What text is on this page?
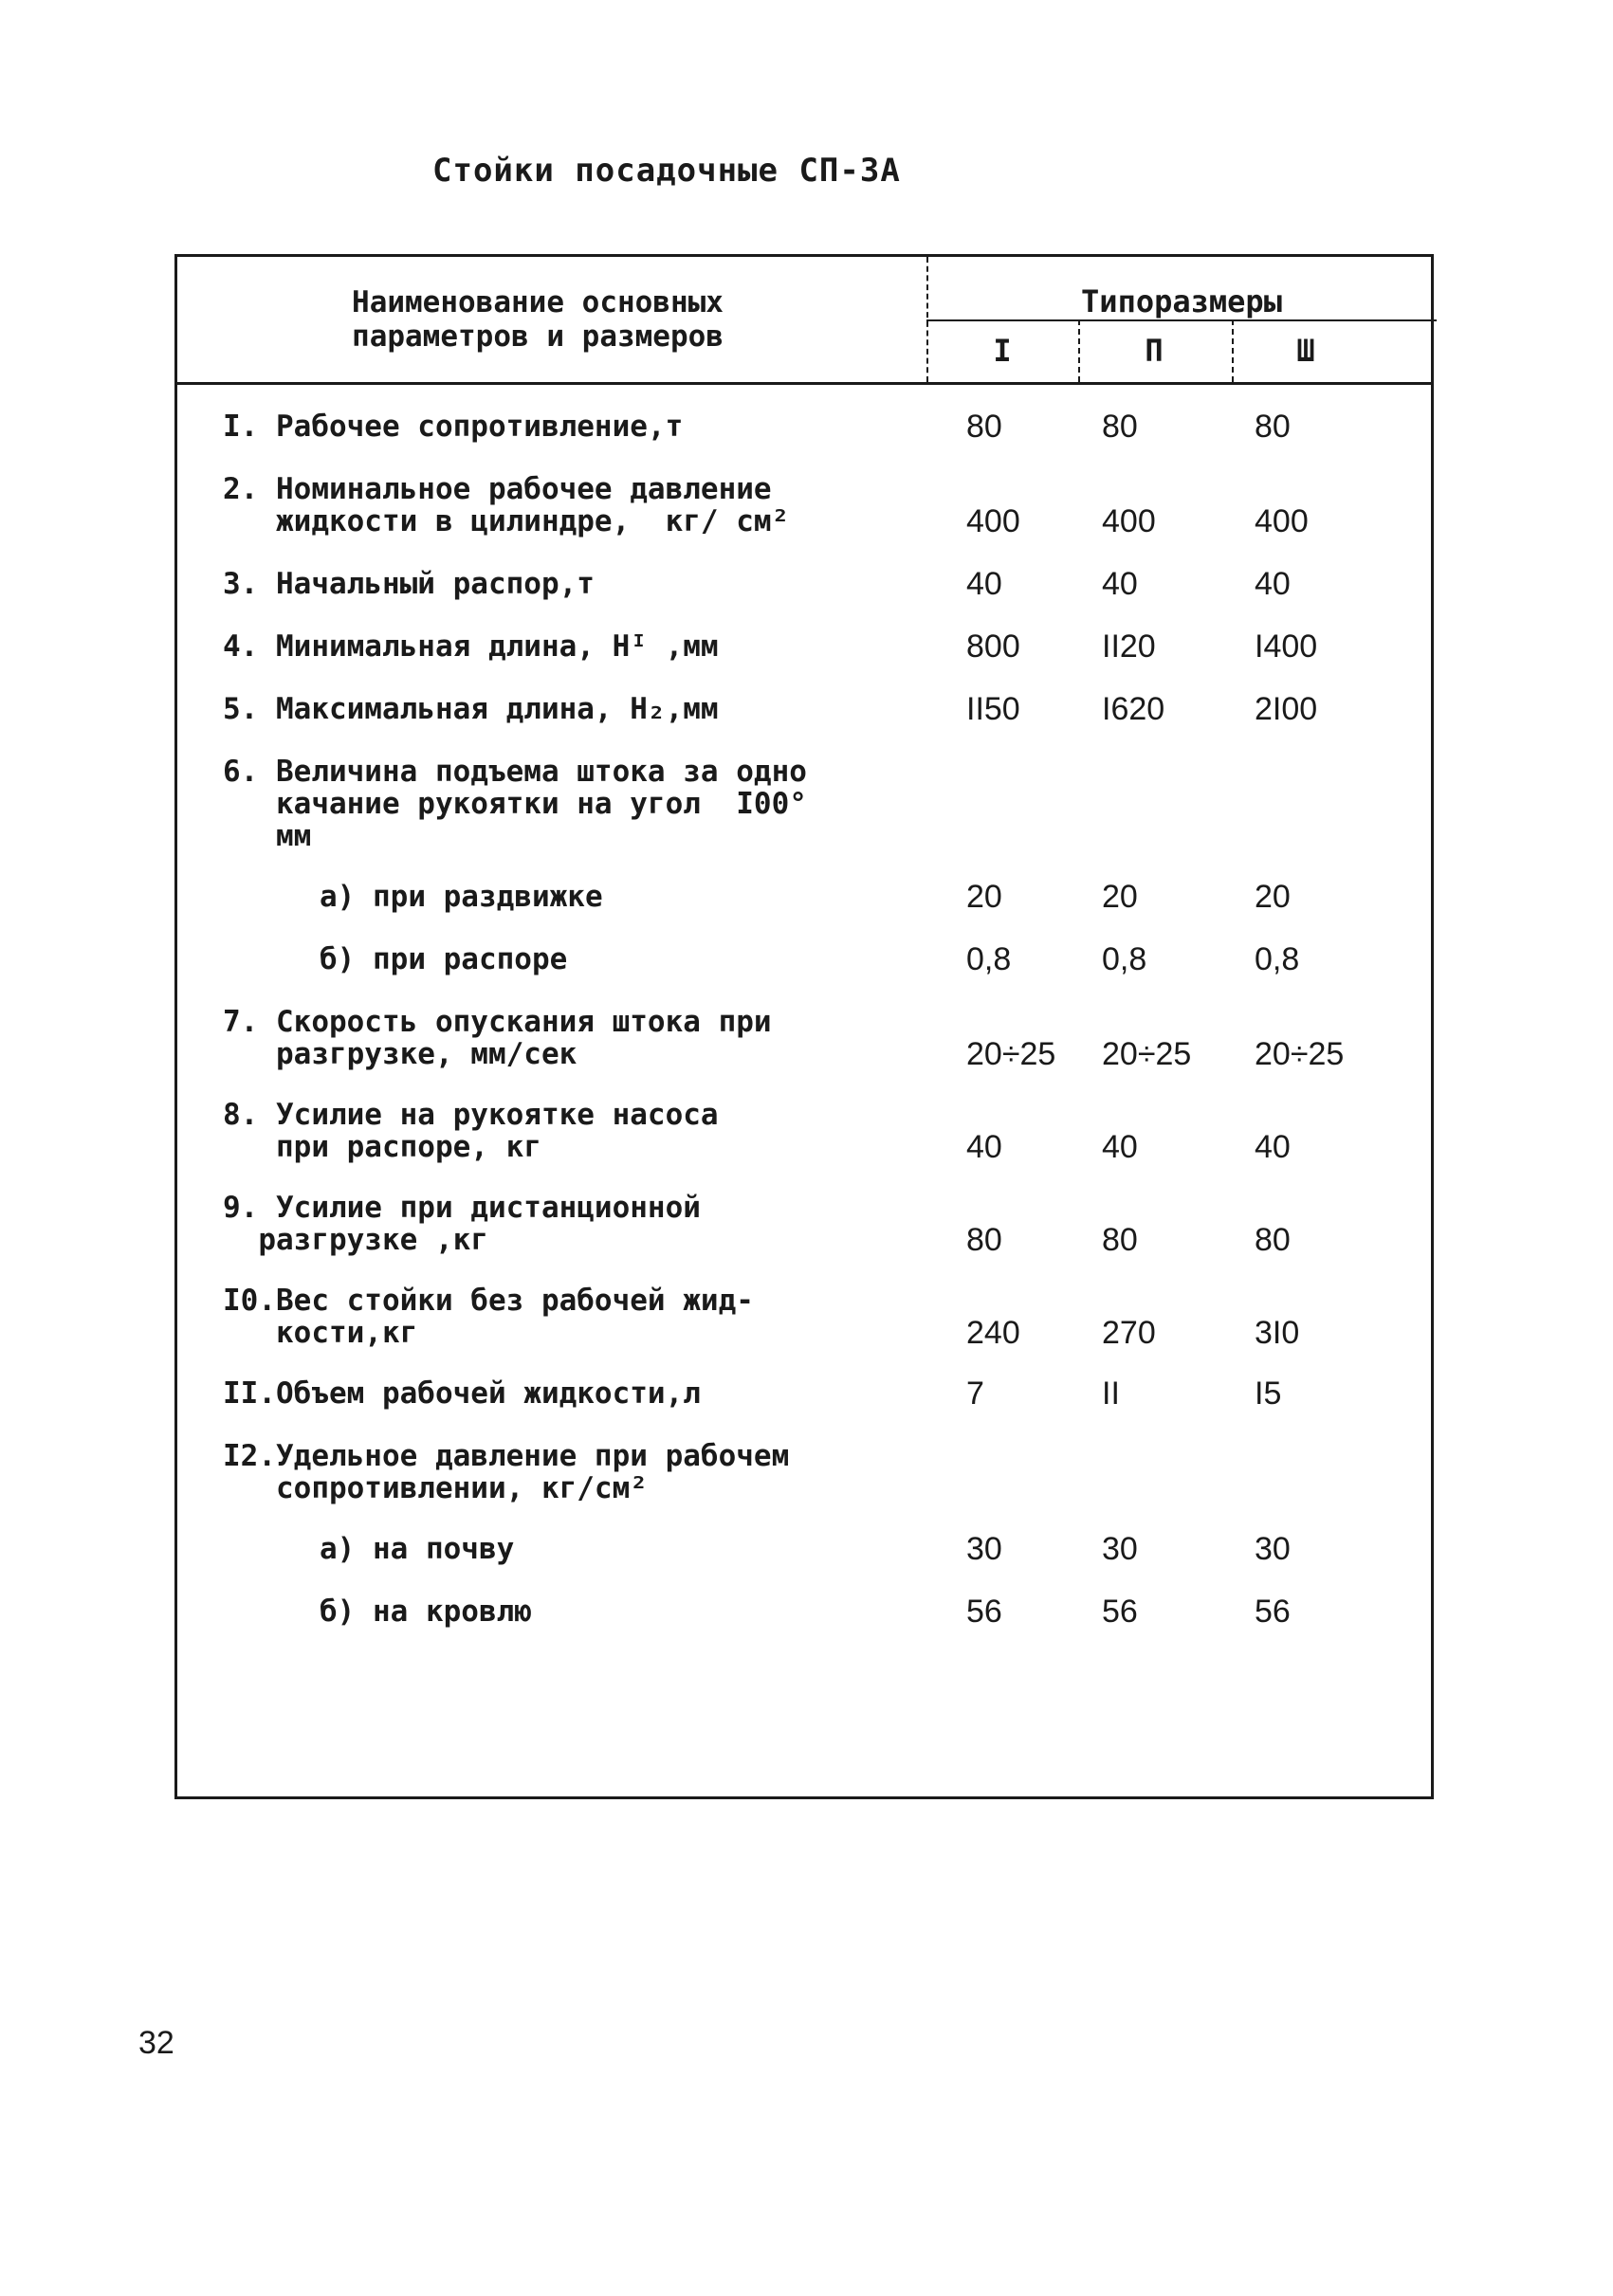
Стойки посадочные СП-3А
Наименование основных
параметров и размеров
Типоразмеры
I	П	Ш
I. Рабочее сопротивление,т	80	80	80
2. Номинальное рабочее давление
жидкости в цилиндре,  кг/ см²	400	400	400
3. Начальный распор,т	40	40	40
4. Минимальная длина, Hᴵ ,мм	800	II20	I400
5. Максимальная длина, H₂,мм	II50	I620	2I00
6. Величина подъема штока за одно
качание рукоятки на угол  I00°
мм
а) при раздвижке	20	20	20
б) при распоре	0,8	0,8	0,8
7. Скорость опускания штока при
разгрузке, мм/сек	20÷25 20÷25 20÷25
8. Усилие на рукоятке насоса
при распоре, кг	40	40	40
9. Усилие при дистанционной
разгрузке ,кг	80	80	80
I0.Вес стойки без рабочей жид-
кости,кг	240	270	3I0
II.Объем рабочей жидкости,л	7	II	I5
I2.Удельное давление при рабочем
сопротивлении, кг/см²
а) на почву	30	30	30
б) на кровлю	56	56	56
32
